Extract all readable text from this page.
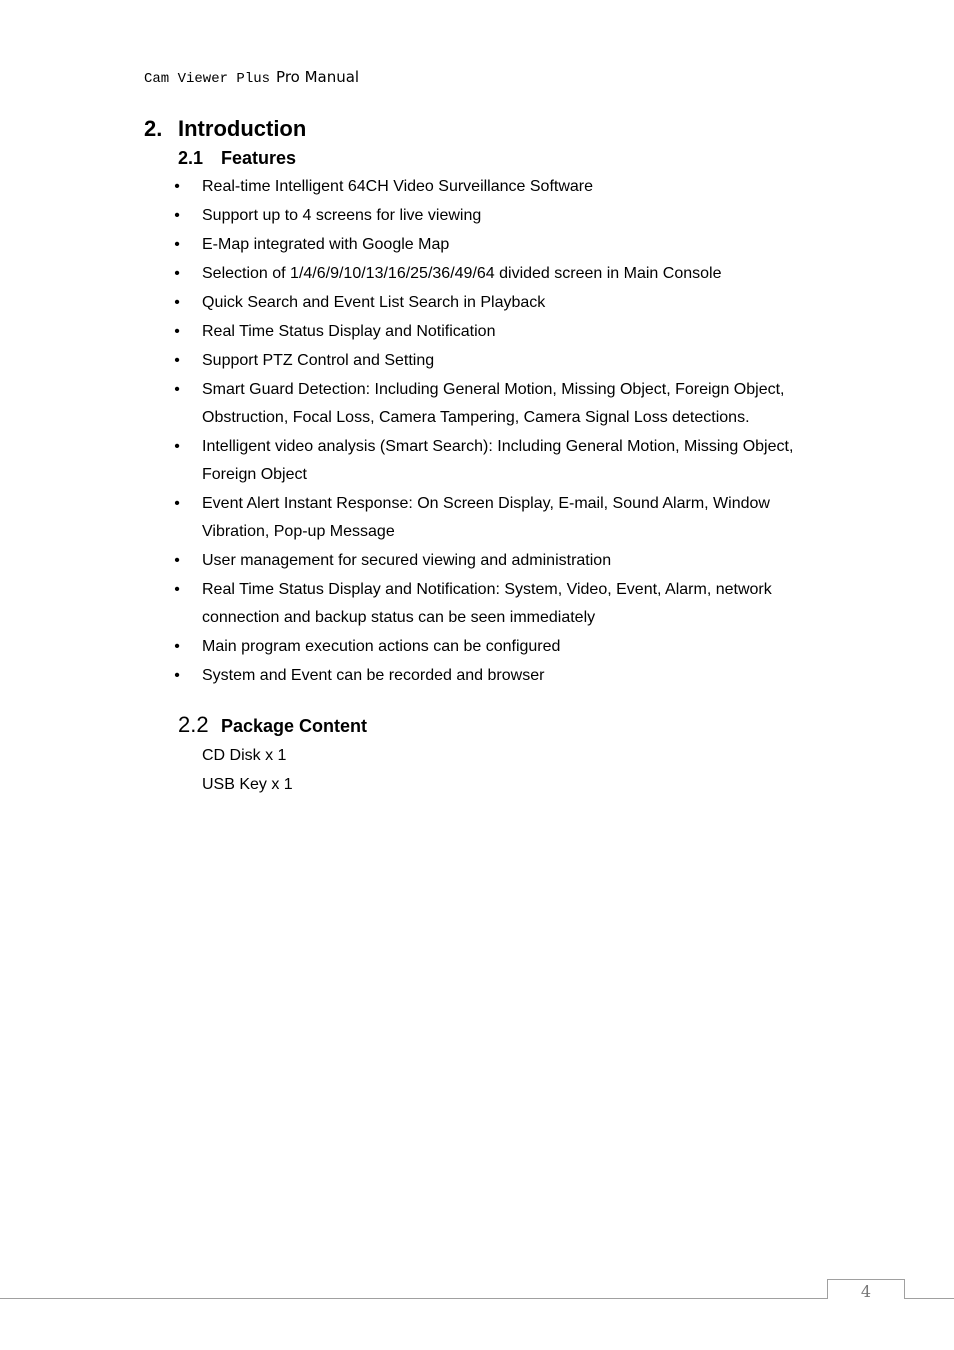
Cam Viewer Plus Pro Manual
2. Introduction
2.1 Features
• Real-time Intelligent 64CH Video Surveillance Software
• Support up to 4 screens for live viewing
• E-Map integrated with Google Map
• Selection of 1/4/6/9/10/13/16/25/36/49/64 divided screen in Main Console
• Quick Search and Event List Search in Playback
• Real Time Status Display and Notification
• Support PTZ Control and Setting
• Smart Guard Detection: Including General Motion, Missing Object, Foreign Object, Obstruction, Focal Loss, Camera Tampering, Camera Signal Loss detections.
• Intelligent video analysis (Smart Search): Including General Motion, Missing Object, Foreign Object
• Event Alert Instant Response: On Screen Display, E-mail, Sound Alarm, Window Vibration, Pop-up Message
• User management for secured viewing and administration
• Real Time Status Display and Notification: System, Video, Event, Alarm, network connection and backup status can be seen immediately
• Main program execution actions can be configured
• System and Event can be recorded and browser
2.2 Package Content
CD Disk x 1
USB Key x 1
4
